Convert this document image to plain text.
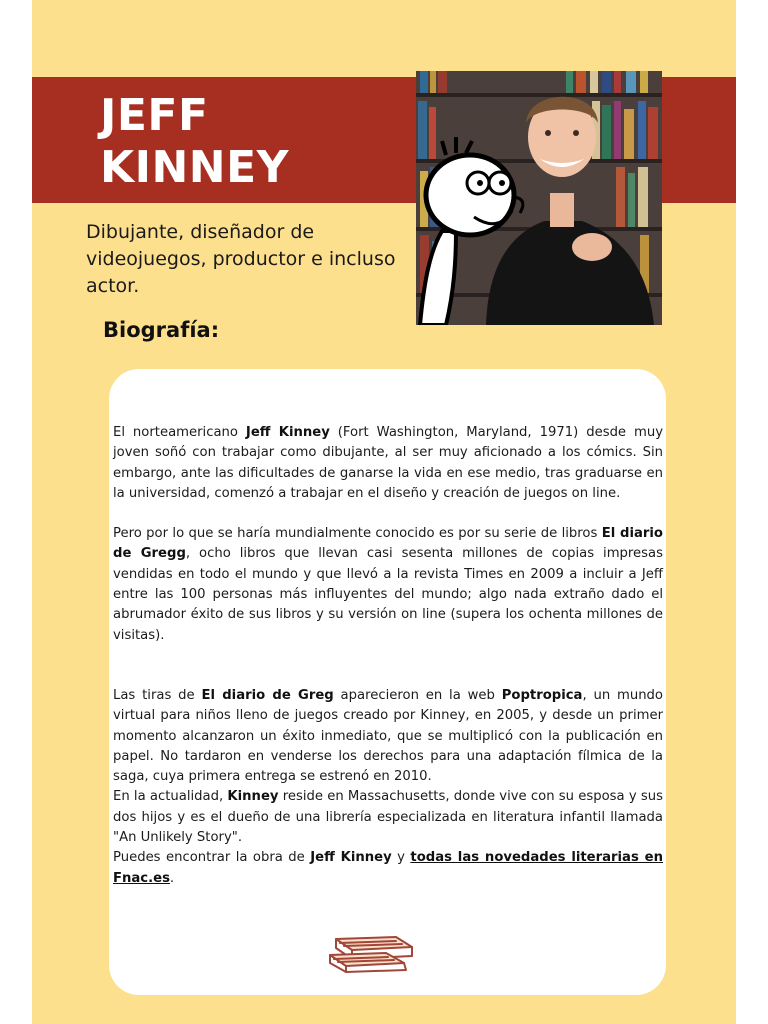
JEFF
KINNEY

Dibujante, diseñador de videojuegos, productor e incluso actor.

Biografía:

El norteamericano Jeff Kinney (Fort Washington, Maryland, 1971) desde muy joven soñó con trabajar como dibujante, al ser muy aficionado a los cómics. Sin embargo, ante las dificultades de ganarse la vida en ese medio, tras graduarse en la universidad, comenzó a trabajar en el diseño y creación de juegos on line.

Pero por lo que se haría mundialmente conocido es por su serie de libros El diario de Gregg, ocho libros que llevan casi sesenta millones de copias impresas vendidas en todo el mundo y que llevó a la revista Times en 2009 a incluir a Jeff entre las 100 personas más influyentes del mundo; algo nada extraño dado el abrumador éxito de sus libros y su versión on line (supera los ochenta millones de visitas).

Las tiras de El diario de Greg aparecieron en la web Poptropica, un mundo virtual para niños lleno de juegos creado por Kinney, en 2005, y desde un primer momento alcanzaron un éxito inmediato, que se multiplicó con la publicación en papel. No tardaron en venderse los derechos para una adaptación fílmica de la saga, cuya primera entrega se estrenó en 2010.

En la actualidad, Kinney reside en Massachusetts, donde vive con su esposa y sus dos hijos y es el dueño de una librería especializada en literatura infantil llamada "An Unlikely Story".

Puedes encontrar la obra de Jeff Kinney y todas las novedades literarias en Fnac.es.
